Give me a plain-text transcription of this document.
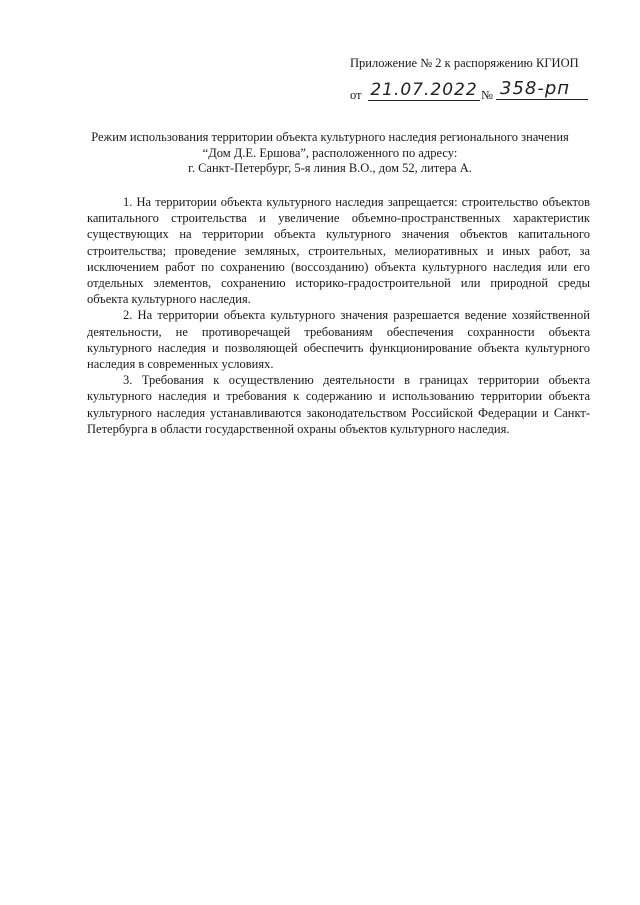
Приложение № 2 к распоряжению КГИОП
от 21.07.2022 № 358-рп
Режим использования территории объекта культурного наследия регионального значения
“Дом Д.Е. Ершова”, расположенного по адресу:
г. Санкт-Петербург, 5-я линия В.О., дом 52, литера А.

1. На территории объекта культурного наследия запрещается: строительство объектов капитального строительства и увеличение объемно-пространственных характеристик существующих на территории объекта культурного значения объектов капитального строительства; проведение земляных, строительных, мелиоративных и иных работ, за исключением работ по сохранению (воссозданию) объекта культурного наследия или его отдельных элементов, сохранению историко-градостроительной или природной среды объекта культурного наследия.

2. На территории объекта культурного значения разрешается ведение хозяйственной деятельности, не противоречащей требованиям обеспечения сохранности объекта культурного наследия и позволяющей обеспечить функционирование объекта культурного наследия в современных условиях.

3. Требования к осуществлению деятельности в границах территории объекта культурного наследия и требования к содержанию и использованию территории объекта культурного наследия устанавливаются законодательством Российской Федерации и Санкт-Петербурга в области государственной охраны объектов культурного наследия.
